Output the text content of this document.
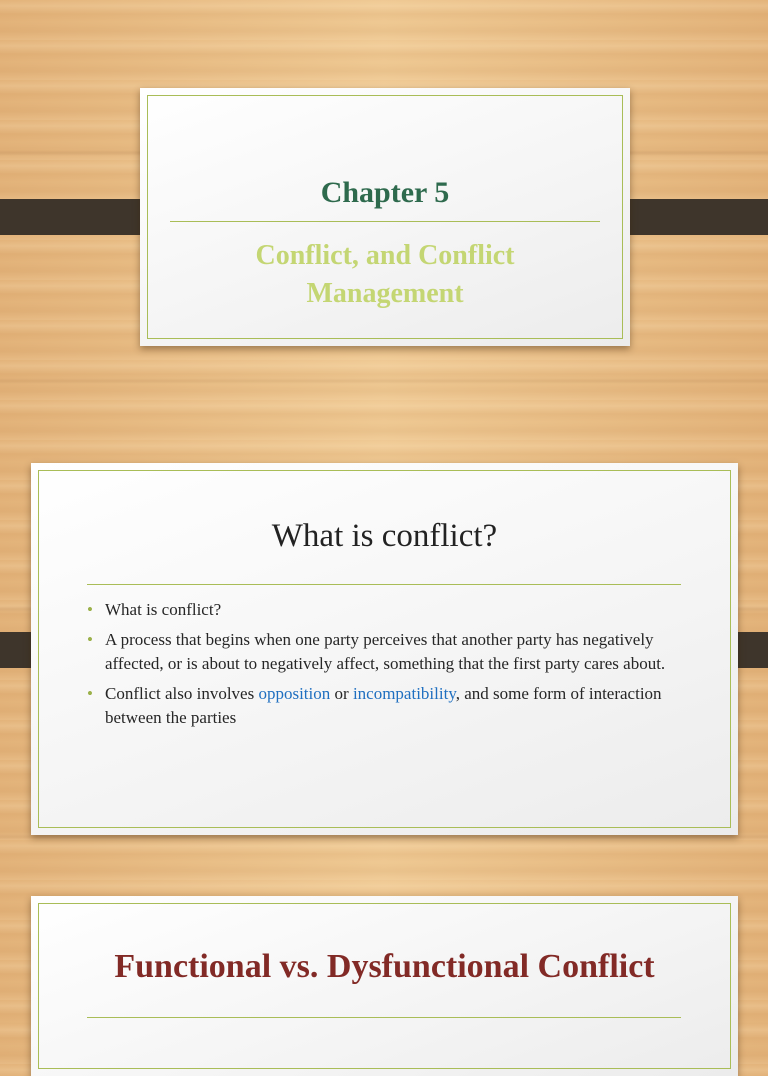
Chapter 5
Conflict, and Conflict
Management
What is conflict?
• What is conflict?
• A process that begins when one party perceives that another party has negatively affected, or is about to negatively affect, something that the first party cares about.
• Conflict also involves opposition or incompatibility, and some form of interaction between the parties
Functional vs. Dysfunctional Conflict
